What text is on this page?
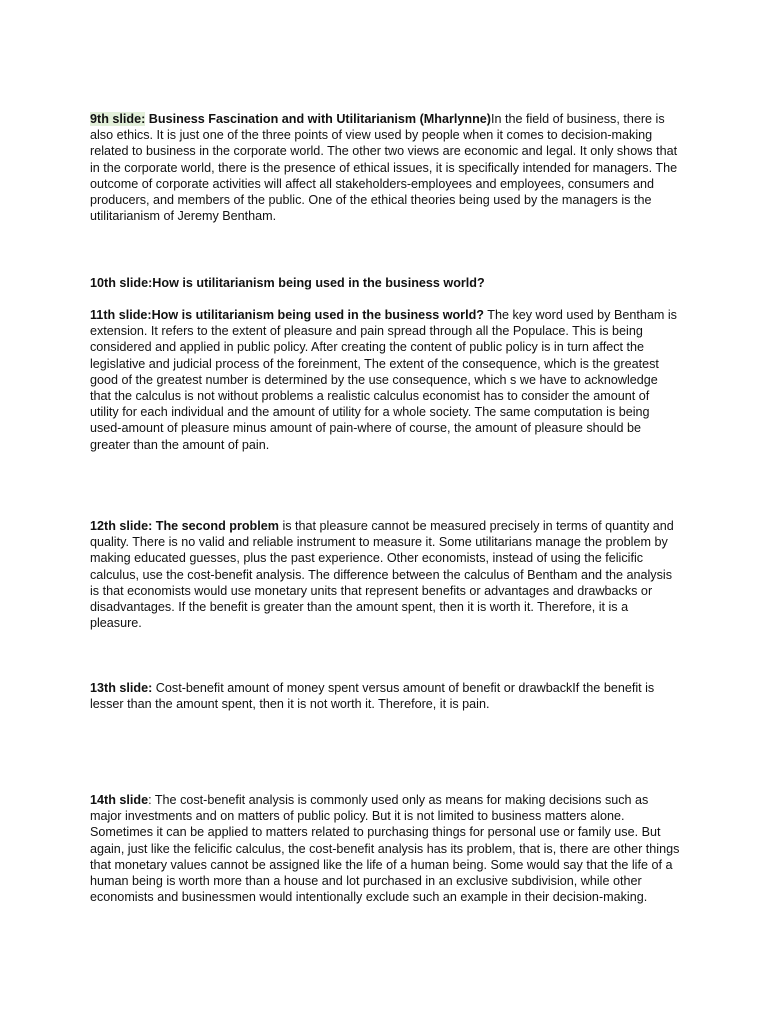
9th slide: Business Fascination and with Utilitarianism (Mharlynne)In the field of business, there is also ethics. It is just one of the three points of view used by people when it comes to decision-making related to business in the corporate world. The other two views are economic and legal. It only shows that in the corporate world, there is the presence of ethical issues, it is specifically intended for managers. The outcome of corporate activities will affect all stakeholders-employees and employees, consumers and producers, and members of the public. One of the ethical theories being used by the managers is the utilitarianism of Jeremy Bentham.

10th slide:How is utilitarianism being used in the business world?

11th slide:How is utilitarianism being used in the business world? The key word used by Bentham is extension. It refers to the extent of pleasure and pain spread through all the Populace. This is being considered and applied in public policy. After creating the content of public policy is in turn affect the legislative and judicial process of the foreinment, The extent of the consequence, which is the greatest good of the greatest number is determined by the use consequence, which s we have to acknowledge that the calculus is not without problems a realistic calculus economist has to consider the amount of utility for each individual and the amount of utility for a whole society. The same computation is being used-amount of pleasure minus amount of pain-where of course, the amount of pleasure should be greater than the amount of pain.

12th slide: The second problem is that pleasure cannot be measured precisely in terms of quantity and quality. There is no valid and reliable instrument to measure it. Some utilitarians manage the problem by making educated guesses, plus the past experience. Other economists, instead of using the felicific calculus, use the cost-benefit analysis. The difference between the calculus of Bentham and the analysis is that economists would use monetary units that represent benefits or advantages and drawbacks or disadvantages. If the benefit is greater than the amount spent, then it is worth it. Therefore, it is a pleasure.

13th slide: Cost-benefit amount of money spent versus amount of benefit or drawbackIf the benefit is lesser than the amount spent, then it is not worth it. Therefore, it is pain.

14th slide: The cost-benefit analysis is commonly used only as means for making decisions such as major investments and on matters of public policy. But it is not limited to business matters alone. Sometimes it can be applied to matters related to purchasing things for personal use or family use. But again, just like the felicific calculus, the cost-benefit analysis has its problem, that is, there are other things that monetary values cannot be assigned like the life of a human being. Some would say that the life of a human being is worth more than a house and lot purchased in an exclusive subdivision, while other economists and businessmen would intentionally exclude such an example in their decision-making.
